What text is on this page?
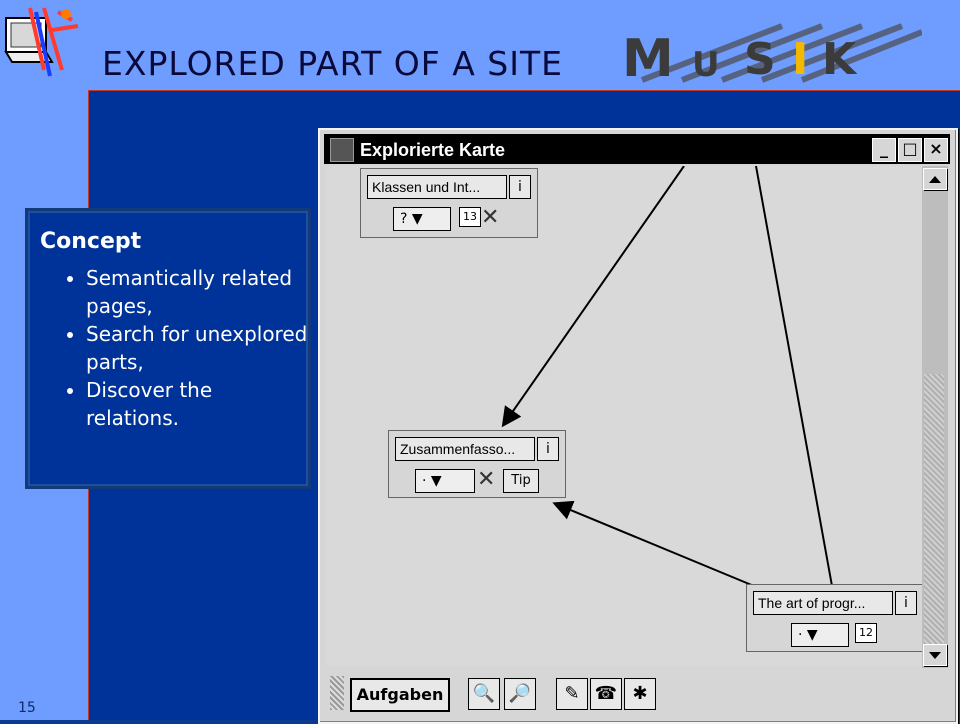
EXPLORED PART OF A SITE M U S I K
Concept
• Semantically related pages,
• Search for unexplored parts,
• Discover the relations.
Explorierte Karte	_ □ ×
Klassen und Int...	i
? ▼	13 ✕
Zusammenfasso...	i
· ▼	✕	Tip
The art of progr...	i
· ▼	12
Aufgaben	🔍 🔎	✎ ☎ ✱
15
